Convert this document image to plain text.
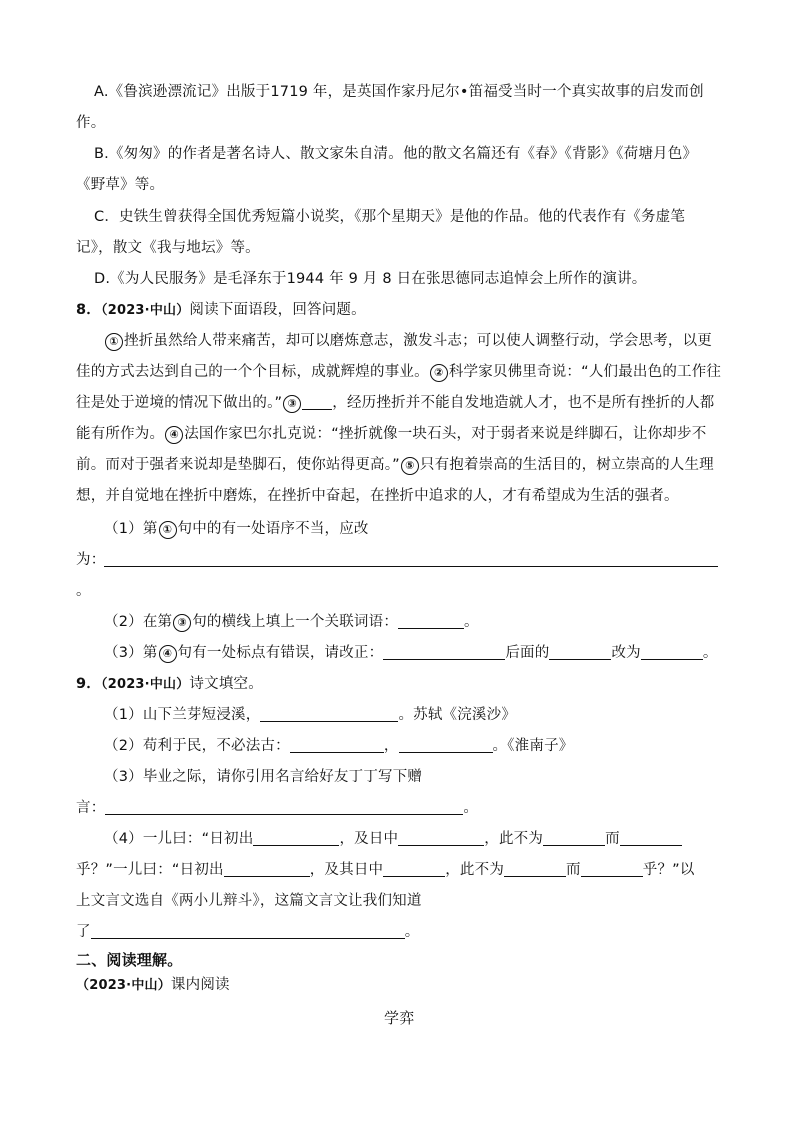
A.《鲁滨逊漂流记》出版于1719 年，是英国作家丹尼尔•笛福受当时一个真实故事的启发而创
作。
B.《匆匆》的作者是著名诗人、散文家朱自清。他的散文名篇还有《春》《背影》《荷塘月色》
《野草》等。
C．史铁生曾获得全国优秀短篇小说奖，《那个星期天》是他的作品。他的代表作有《务虚笔
记》，散文《我与地坛》等。
D.《为人民服务》是毛泽东于1944 年 9 月 8 日在张思德同志追悼会上所作的演讲。
8．（2023·中山）阅读下面语段，回答问题。
① 挫折虽然给人带来痛苦，却可以磨炼意志，激发斗志；可以使人调整行动，学会思考，以更
佳的方式去达到自己的一个个目标，成就辉煌的事业。 ② 科学家贝佛里奇说：“人们最出色的工作往
往是处于逆境的情况下做出的。” ③ ，经历挫折并不能自发地造就人才，也不是所有挫折的人都
能有所作为。 ④ 法国作家巴尔扎克说：“挫折就像一块石头，对于弱者来说是绊脚石，让你却步不
前。而对于强者来说却是垫脚石，使你站得更高。” ⑤ 只有抱着崇高的生活目的，树立崇高的人生理
想，并自觉地在挫折中磨炼，在挫折中奋起，在挫折中追求的人，才有希望成为生活的强者。
（1）第 ① 句中的有一处语序不当，应改
为：
。
（2）在第 ③ 句的横线上填上一个关联词语：	。
（3）第 ④ 句有一处标点有错误，请改正：	后面的	改为	。
9．（2023·中山）诗文填空。
（1）山下兰芽短浸溪，	。苏轼《浣溪沙》
（2）苟利于民，不必法古：	，	。《淮南子》
（3）毕业之际，请你引用名言给好友丁丁写下赠
言：	。
（4）一儿曰：“日初出	，及日中	，此不为	而
乎？”一儿曰：“日初出	，及其日中	，此不为	而	乎？”以
上文言文选自《两小儿辩斗》，这篇文言文让我们知道
了	。
二、阅读理解。
（2023·中山）课内阅读
学弈
